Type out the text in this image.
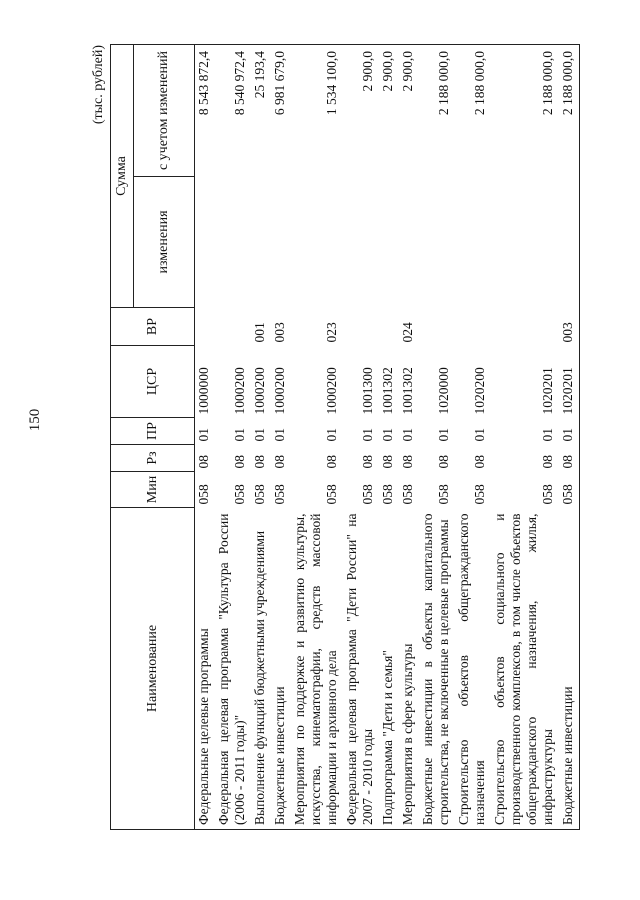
150
(тыс. рублей)
Наименование	Мин	Рз	ПР	ЦСР	ВР	Сумма	
						изменения	с учетом изменений
Федеральные целевые программы	058	08	01	1000000			8 543 872,4
Федеральная целевая программа "Культура России (2006 - 2011 годы)"	058	08	01	1000200			8 540 972,4
Выполнение функций бюджетными учреждениями	058	08	01	1000200	001		25 193,4
Бюджетные инвестиции	058	08	01	1000200	003		6 981 679,0
Мероприятия по поддержке и развитию культуры, искусства, кинематографии, средств массовой информации и архивного дела	058	08	01	1000200	023		1 534 100,0
Федеральная целевая программа "Дети России" на 2007 - 2010 годы	058	08	01	1001300			2 900,0
Подпрограмма "Дети и семья"	058	08	01	1001302			2 900,0
Мероприятия в сфере культуры	058	08	01	1001302	024		2 900,0
Бюджетные инвестиции в объекты капитального строительства, не включенные в целевые программы	058	08	01	1020000			2 188 000,0
Строительство объектов общегражданского назначения	058	08	01	1020200			2 188 000,0
Строительство объектов социального и производственного комплексов, в том числе объектов общегражданского назначения, жилья, инфраструктуры	058	08	01	1020201			2 188 000,0
Бюджетные инвестиции	058	08	01	1020201	003		2 188 000,0
